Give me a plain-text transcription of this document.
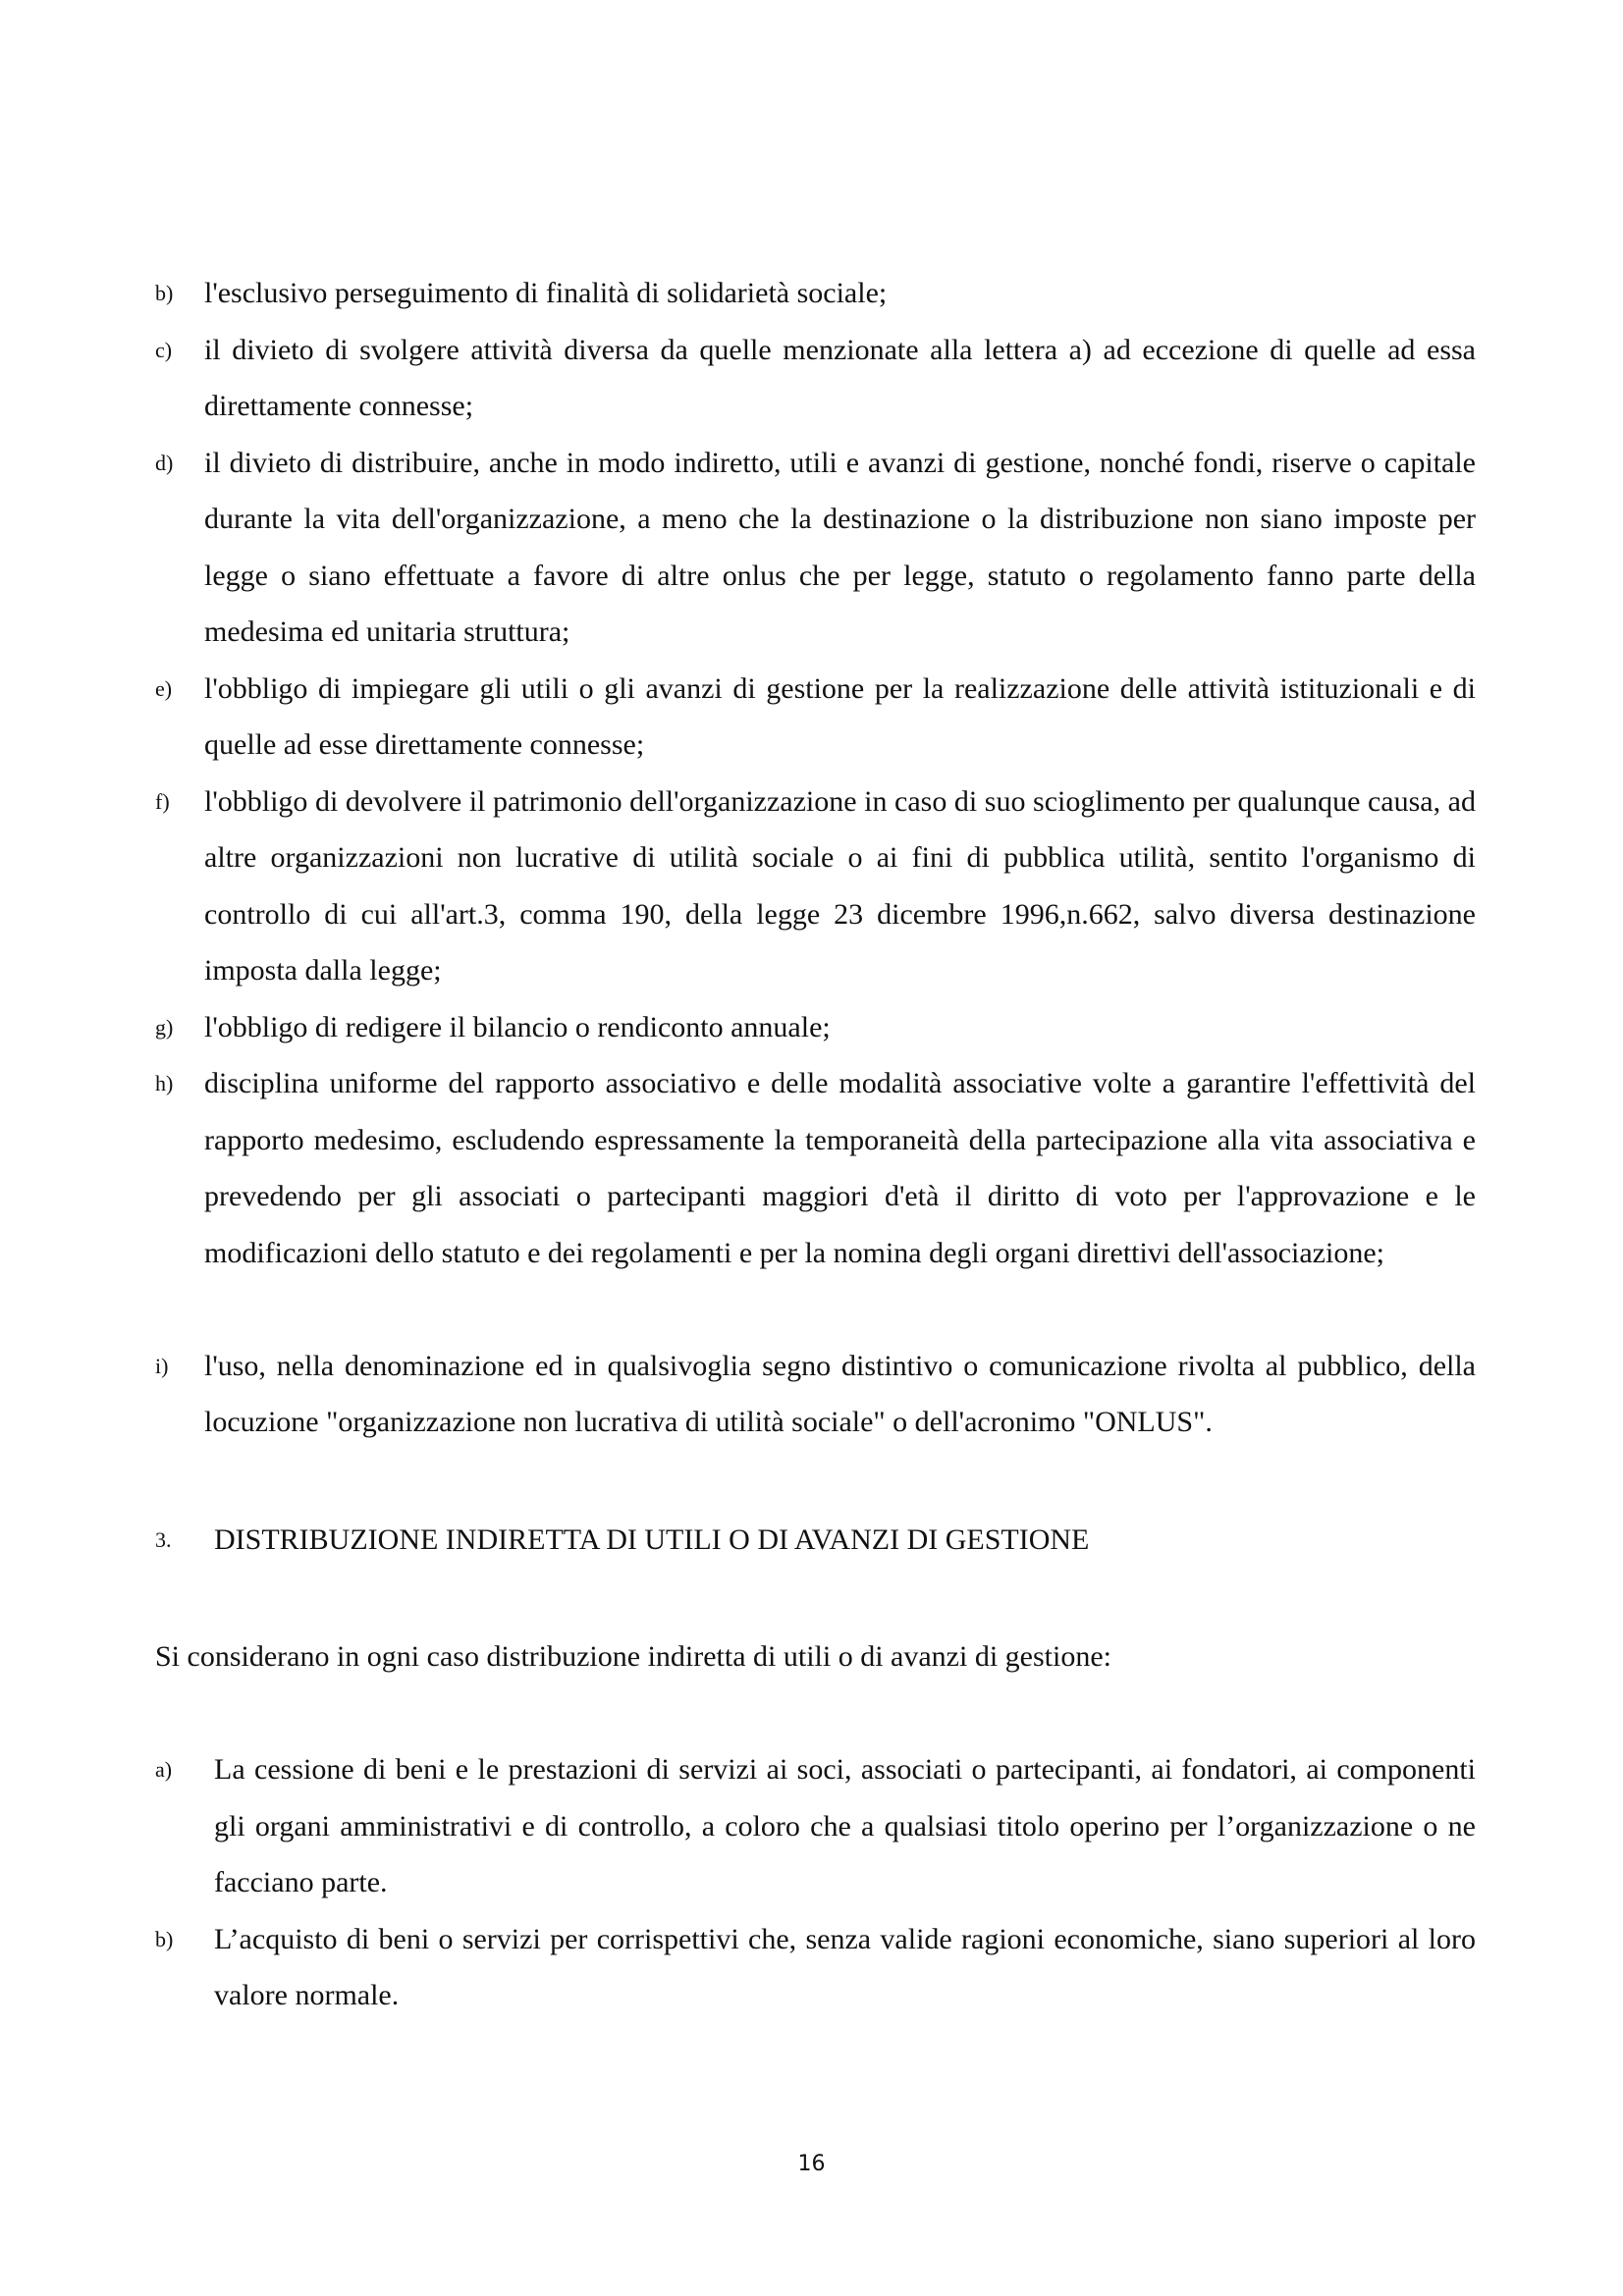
b) l'esclusivo perseguimento di finalità di solidarietà sociale;
c) il divieto di svolgere attività diversa da quelle menzionate alla lettera a) ad eccezione di quelle ad essa direttamente connesse;
d) il divieto di distribuire, anche in modo indiretto, utili e avanzi di gestione, nonché fondi, riserve o capitale durante la vita dell'organizzazione, a meno che la destinazione o la distribuzione non siano imposte per legge o siano effettuate a favore di altre onlus che per legge, statuto o regolamento fanno parte della medesima ed unitaria struttura;
e) l'obbligo di impiegare gli utili o gli avanzi di gestione per la realizzazione delle attività istituzionali e di quelle ad esse direttamente connesse;
f) l'obbligo di devolvere il patrimonio dell'organizzazione in caso di suo scioglimento per qualunque causa, ad altre organizzazioni non lucrative di utilità sociale o ai fini di pubblica utilità, sentito l'organismo di controllo di cui all'art.3, comma 190, della legge 23 dicembre 1996,n.662, salvo diversa destinazione imposta dalla legge;
g) l'obbligo di redigere il bilancio o rendiconto annuale;
h) disciplina uniforme del rapporto associativo e delle modalità associative volte a garantire l'effettività del rapporto medesimo, escludendo espressamente la temporaneità della partecipazione alla vita associativa e prevedendo per gli associati o partecipanti maggiori d'età il diritto di voto per l'approvazione e le modificazioni dello statuto e dei regolamenti e per la nomina degli organi direttivi dell'associazione;
i) l'uso, nella denominazione ed in qualsivoglia segno distintivo o comunicazione rivolta al pubblico, della locuzione "organizzazione non lucrativa di utilità sociale" o dell'acronimo "ONLUS".
3. DISTRIBUZIONE INDIRETTA DI UTILI O DI AVANZI DI GESTIONE
Si considerano in ogni caso distribuzione indiretta di utili o di avanzi di gestione:
a) La cessione di beni e le prestazioni di servizi ai soci, associati o partecipanti, ai fondatori, ai componenti gli organi amministrativi e di controllo, a coloro che a qualsiasi titolo operino per l’organizzazione o ne facciano parte.
b) L’acquisto di beni o servizi per corrispettivi che, senza valide ragioni economiche, siano superiori al loro valore normale.
16
